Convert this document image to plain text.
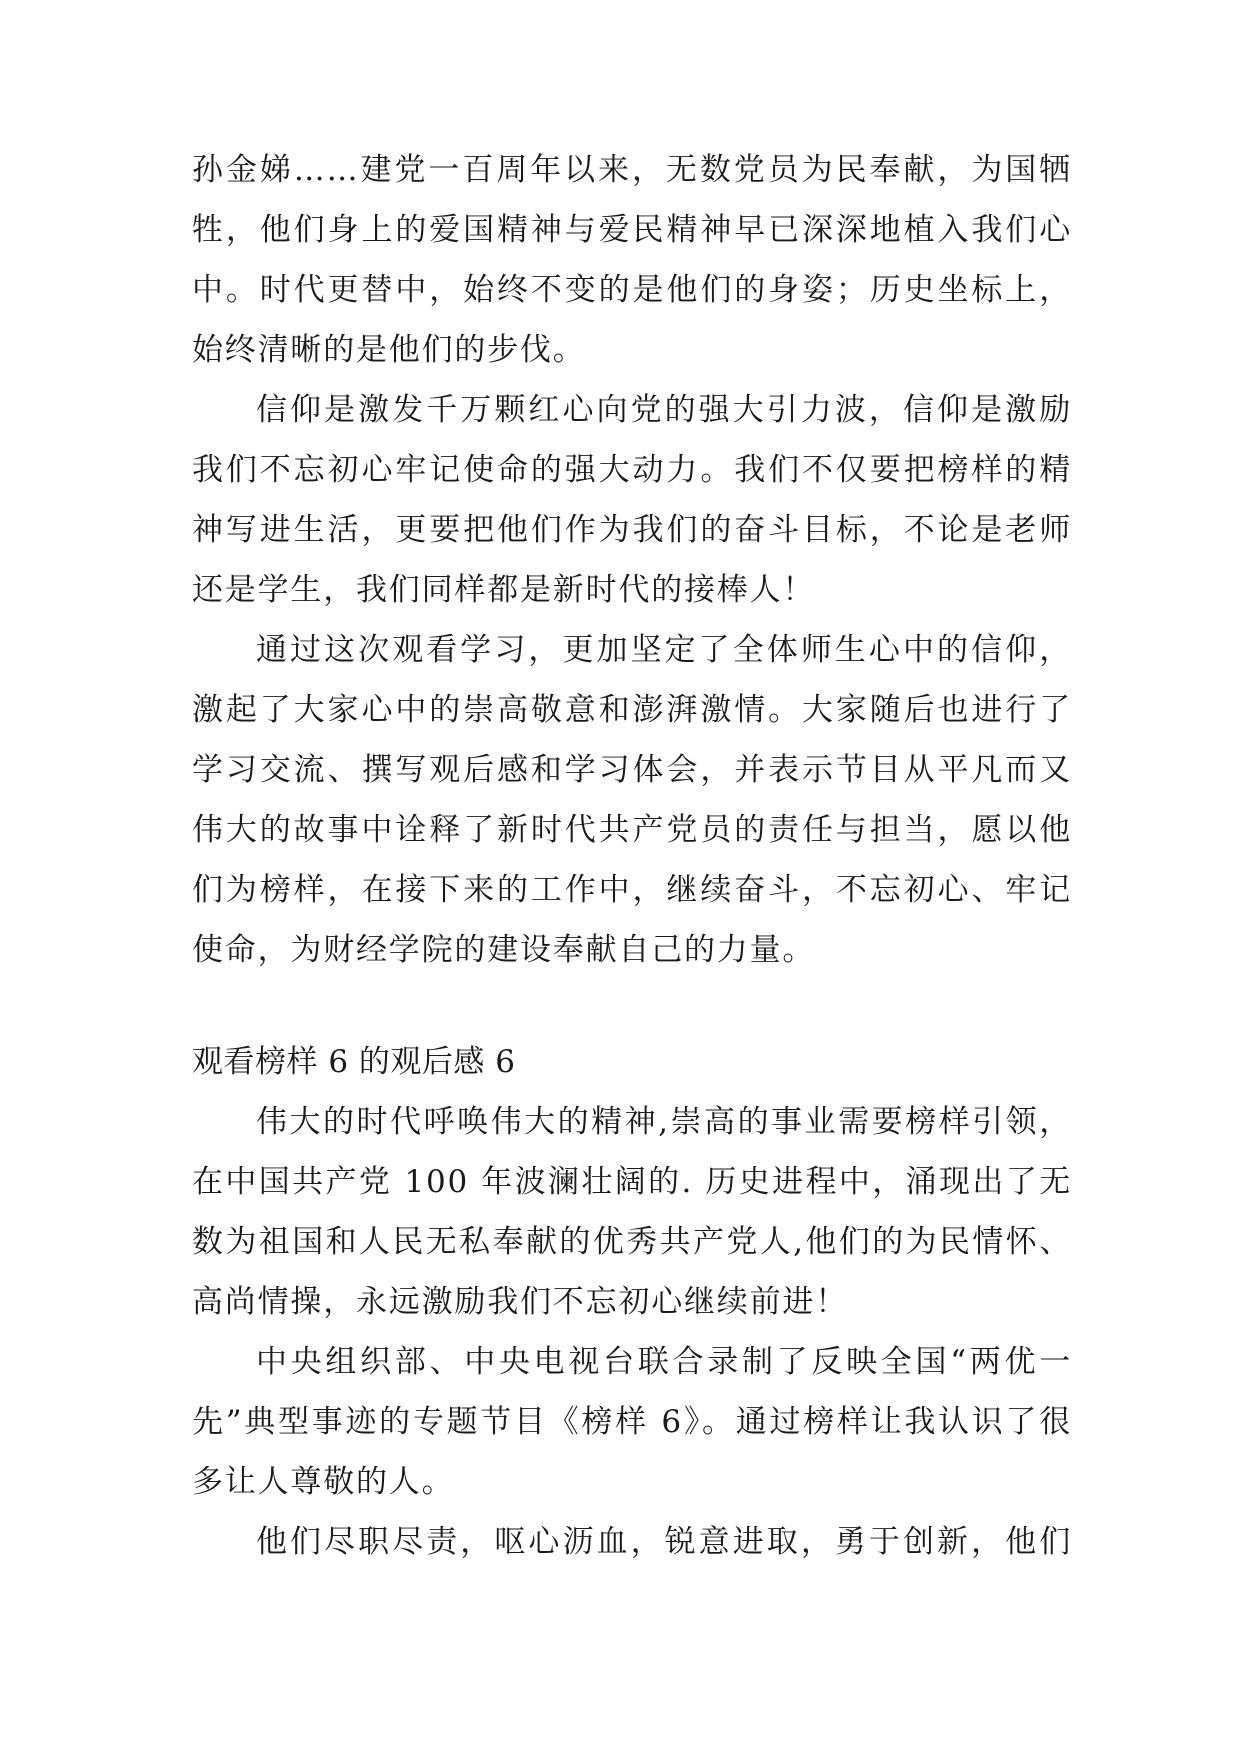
孙金娣……建党一百周年以来，无数党员为民奉献，为国牺
牲，他们身上的爱国精神与爱民精神早已深深地植入我们心
中。时代更替中，始终不变的是他们的身姿；历史坐标上，
始终清晰的是他们的步伐。
信仰是激发千万颗红心向党的强大引力波，信仰是激励
我们不忘初心牢记使命的强大动力。我们不仅要把榜样的精
神写进生活，更要把他们作为我们的奋斗目标，不论是老师
还是学生，我们同样都是新时代的接棒人！
通过这次观看学习，更加坚定了全体师生心中的信仰，
激起了大家心中的崇高敬意和澎湃激情。大家随后也进行了
学习交流、撰写观后感和学习体会，并表示节目从平凡而又
伟大的故事中诠释了新时代共产党员的责任与担当，愿以他
们为榜样，在接下来的工作中，继续奋斗，不忘初心、牢记
使命，为财经学院的建设奉献自己的力量。
观看榜样 6 的观后感 6
伟大的时代呼唤伟大的精神,崇高的事业需要榜样引领，
在中国共产党 100 年波澜壮阔的. 历史进程中，涌现出了无
数为祖国和人民无私奉献的优秀共产党人,他们的为民情怀、
高尚情操，永远激励我们不忘初心继续前进！
中央组织部、中央电视台联合录制了反映全国“两优一
先”典型事迹的专题节目《榜样 6》。通过榜样让我认识了很
多让人尊敬的人。
他们尽职尽责，呕心沥血，锐意进取，勇于创新，他们
